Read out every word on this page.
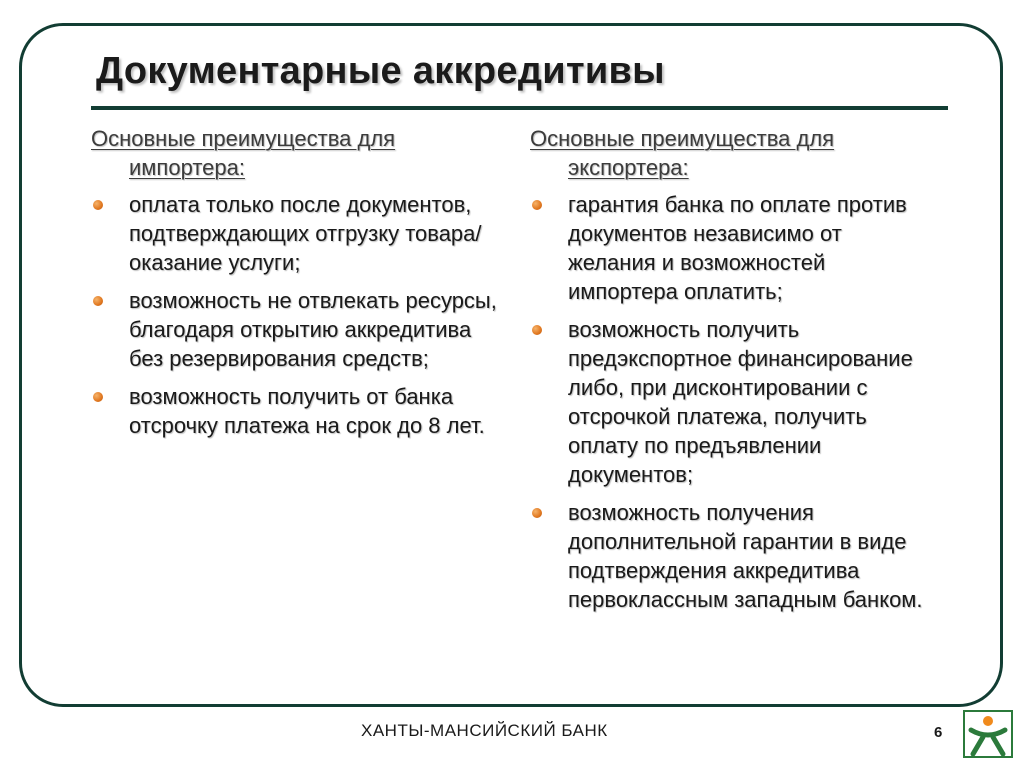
Документарные аккредитивы

Основные преимущества для импортера:

оплата только после документов, подтверждающих отгрузку товара/оказание услуги;
возможность не отвлекать ресурсы, благодаря открытию аккредитива без резервирования средств;
возможность получить от банка отсрочку платежа на срок до 8 лет.

Основные преимущества для экспортера:

гарантия банка по оплате против документов независимо от желания и возможностей импортера оплатить;
возможность получить предэкспортное финансирование либо, при дисконтировании с отсрочкой платежа, получить оплату по предъявлении документов;
возможность получения дополнительной гарантии в виде подтверждения аккредитива первоклассным западным банком.
ХАНТЫ-МАНСИЙСКИЙ БАНК	6
